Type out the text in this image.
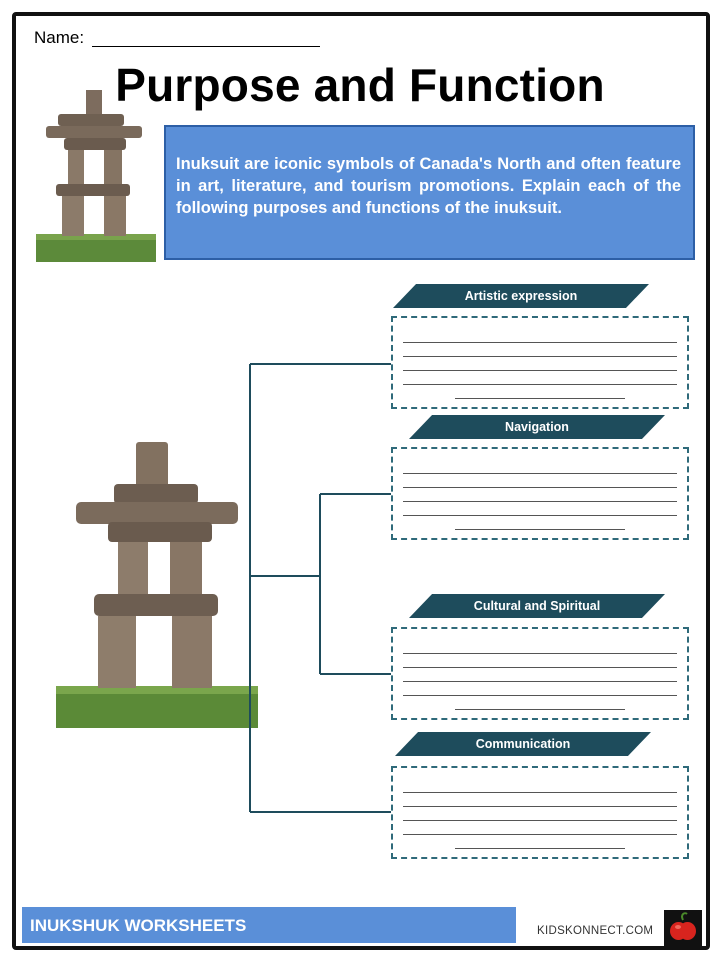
Name:
Purpose and Function
Inuksuit are iconic symbols of Canada's North and often feature in art, literature, and tourism promotions. Explain each of the following purposes and functions of the inuksuit.
Artistic expression
Navigation
Cultural and Spiritual
Communication
INUKSHUK WORKSHEETS	KIDSKONNECT.COM
